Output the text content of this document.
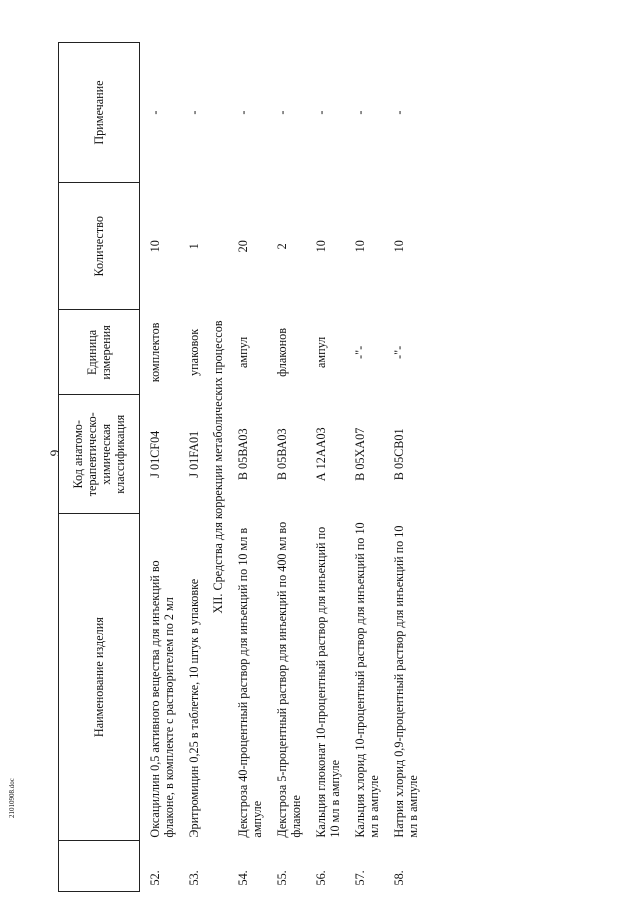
9
21010908.doc
	Наименование изделия	Код анатомо-терапевтическо-химическая классификация	Единица измерения	Количество	Примечание
52.	Оксациллин 0,5 активного вещества для инъекций во флаконе, в комплекте с растворителем по 2 мл	J 01CF04	комплектов	10	-
53.	Эритромицин 0,25 в таблетке, 10 штук в упаковке	J 01FA01	упаковок	1	-
XII. Средства для коррекции метаболических процессов					
54.	Декстроза 40-процентный раствор для инъекций по 10 мл в ампуле	В 05ВА03	ампул	20	-
55.	Декстроза 5-процентный раствор для инъекций по 400 мл во флаконе	В 05ВА03	флаконов	2	-
56.	Кальция глюконат 10-процентный раствор для инъекций по 10 мл в ампуле	А 12АА03	ампул	10	-
57.	Кальция хлорид 10-процентный раствор для инъекций по 10 мл в ампуле	В 05ХА07	-"-	10	-
58.	Натрия хлорид 0,9-процентный раствор для инъекций по 10 мл в ампуле	В 05СВ01	-"-	10	-
